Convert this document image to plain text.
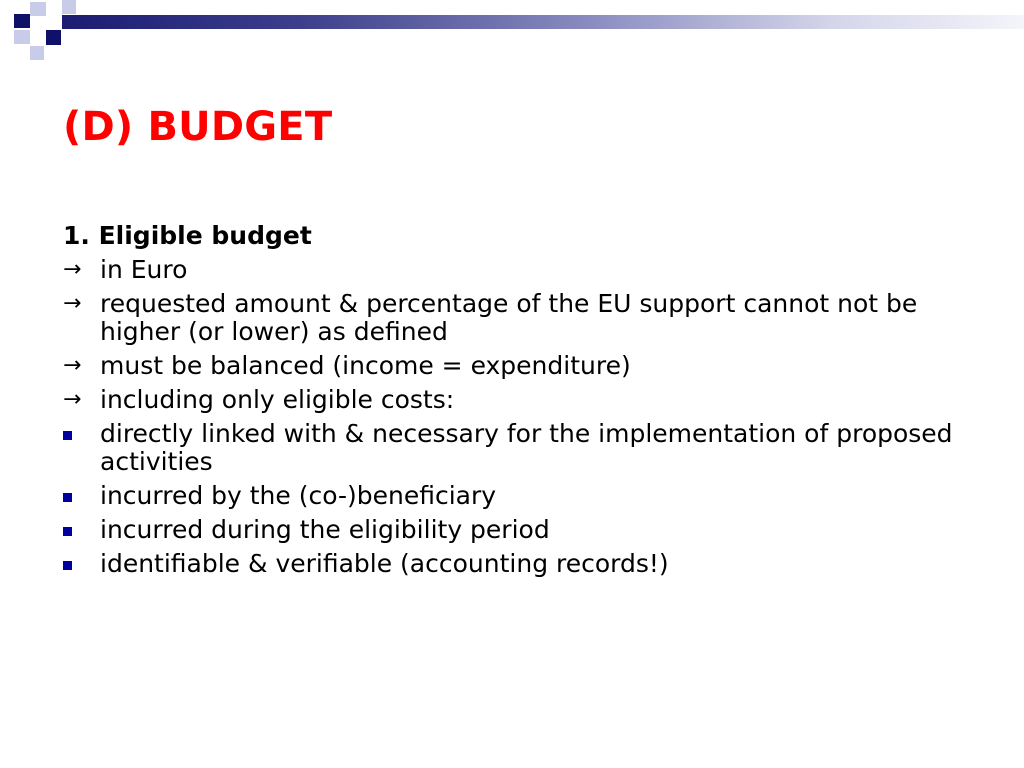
(D) BUDGET
1. Eligible budget
→ in Euro
→ requested amount & percentage of the EU support cannot not be higher (or lower) as defined
→ must be balanced (income = expenditure)
→ including only eligible costs:
directly linked with & necessary for the implementation of proposed activities
incurred by the (co-)beneficiary
incurred during the eligibility period
identifiable & verifiable (accounting records!)
